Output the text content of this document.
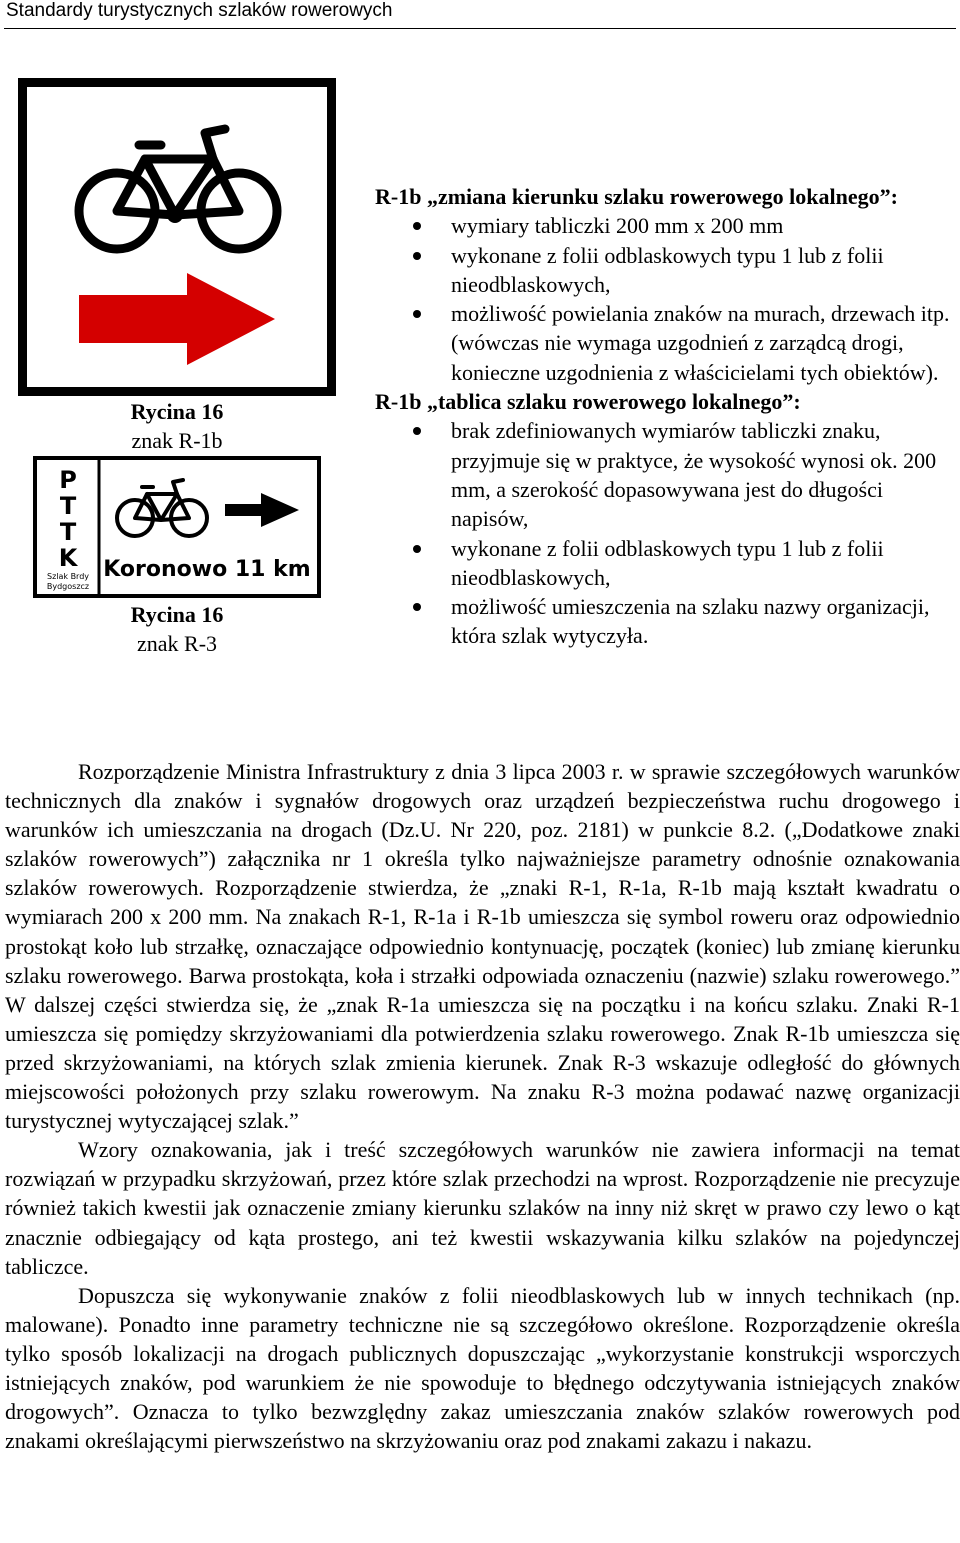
Standardy turystycznych szlaków rowerowych
Rycina 16
znak R-1b
P
T
T
K
Szlak Brdy
Bydgoszcz
Koronowo 11 km
Rycina 16
znak R-3

R-1b „zmiana kierunku szlaku rowerowego lokalnego”:

wymiary tabliczki 200 mm x 200 mm
wykonane z folii odblaskowych typu 1 lub z folii nieodblaskowych,
możliwość powielania znaków na murach, drzewach itp. (wówczas nie wymaga uzgodnień z zarządcą drogi, konieczne uzgodnienia z właścicielami tych obiektów).

R-1b „tablica szlaku rowerowego lokalnego”:

brak zdefiniowanych wymiarów tabliczki znaku, przyjmuje się w praktyce, że wysokość wynosi ok. 200 mm, a szerokość dopasowywana jest do długości napisów,
wykonane z folii odblaskowych typu 1 lub z folii nieodblaskowych,
możliwość umieszczenia na szlaku nazwy organizacji, która szlak wytyczyła.

Rozporządzenie Ministra Infrastruktury z dnia 3 lipca 2003 r. w sprawie szczegółowych warunków technicznych dla znaków i sygnałów drogowych oraz urządzeń bezpieczeństwa ruchu drogowego i warunków ich umieszczania na drogach (Dz.U. Nr 220, poz. 2181) w punkcie 8.2. („Dodatkowe znaki szlaków rowerowych”) załącznika nr 1 określa tylko najważniejsze parametry odnośnie oznakowania szlaków rowerowych. Rozporządzenie stwierdza, że „znaki R-1, R-1a, R-1b mają kształt kwadratu o wymiarach 200 x 200 mm. Na znakach R-1, R-1a i R-1b umieszcza się symbol roweru oraz odpowiednio prostokąt koło lub strzałkę, oznaczające odpowiednio kontynuację, początek (koniec) lub zmianę kierunku szlaku rowerowego. Barwa prostokąta, koła i strzałki odpowiada oznaczeniu (nazwie) szlaku rowerowego.” W dalszej części stwierdza się, że „znak R-1a umieszcza się na początku i na końcu szlaku. Znaki R-1 umieszcza się pomiędzy skrzyżowaniami dla potwierdzenia szlaku rowerowego. Znak R-1b umieszcza się przed skrzyżowaniami, na których szlak zmienia kierunek. Znak R-3 wskazuje odległość do głównych miejscowości położonych przy szlaku rowerowym. Na znaku R-3 można podawać nazwę organizacji turystycznej wytyczającej szlak.”

Wzory oznakowania, jak i treść szczegółowych warunków nie zawiera informacji na temat rozwiązań w przypadku skrzyżowań, przez które szlak przechodzi na wprost. Rozporządzenie nie precyzuje również takich kwestii jak oznaczenie zmiany kierunku szlaków na inny niż skręt w prawo czy lewo o kąt znacznie odbiegający od kąta prostego, ani też kwestii wskazywania kilku szlaków na pojedynczej tabliczce.

Dopuszcza się wykonywanie znaków z folii nieodblaskowych lub w innych technikach (np. malowane). Ponadto inne parametry techniczne nie są szczegółowo określone. Rozporządzenie określa tylko sposób lokalizacji na drogach publicznych dopuszczając „wykorzystanie konstrukcji wsporczych istniejących znaków, pod warunkiem że nie spowoduje to błędnego odczytywania istniejących znaków drogowych”. Oznacza to tylko bezwzględny zakaz umieszczania znaków szlaków rowerowych pod znakami określającymi pierwszeństwo na skrzyżowaniu oraz pod znakami zakazu i nakazu.
